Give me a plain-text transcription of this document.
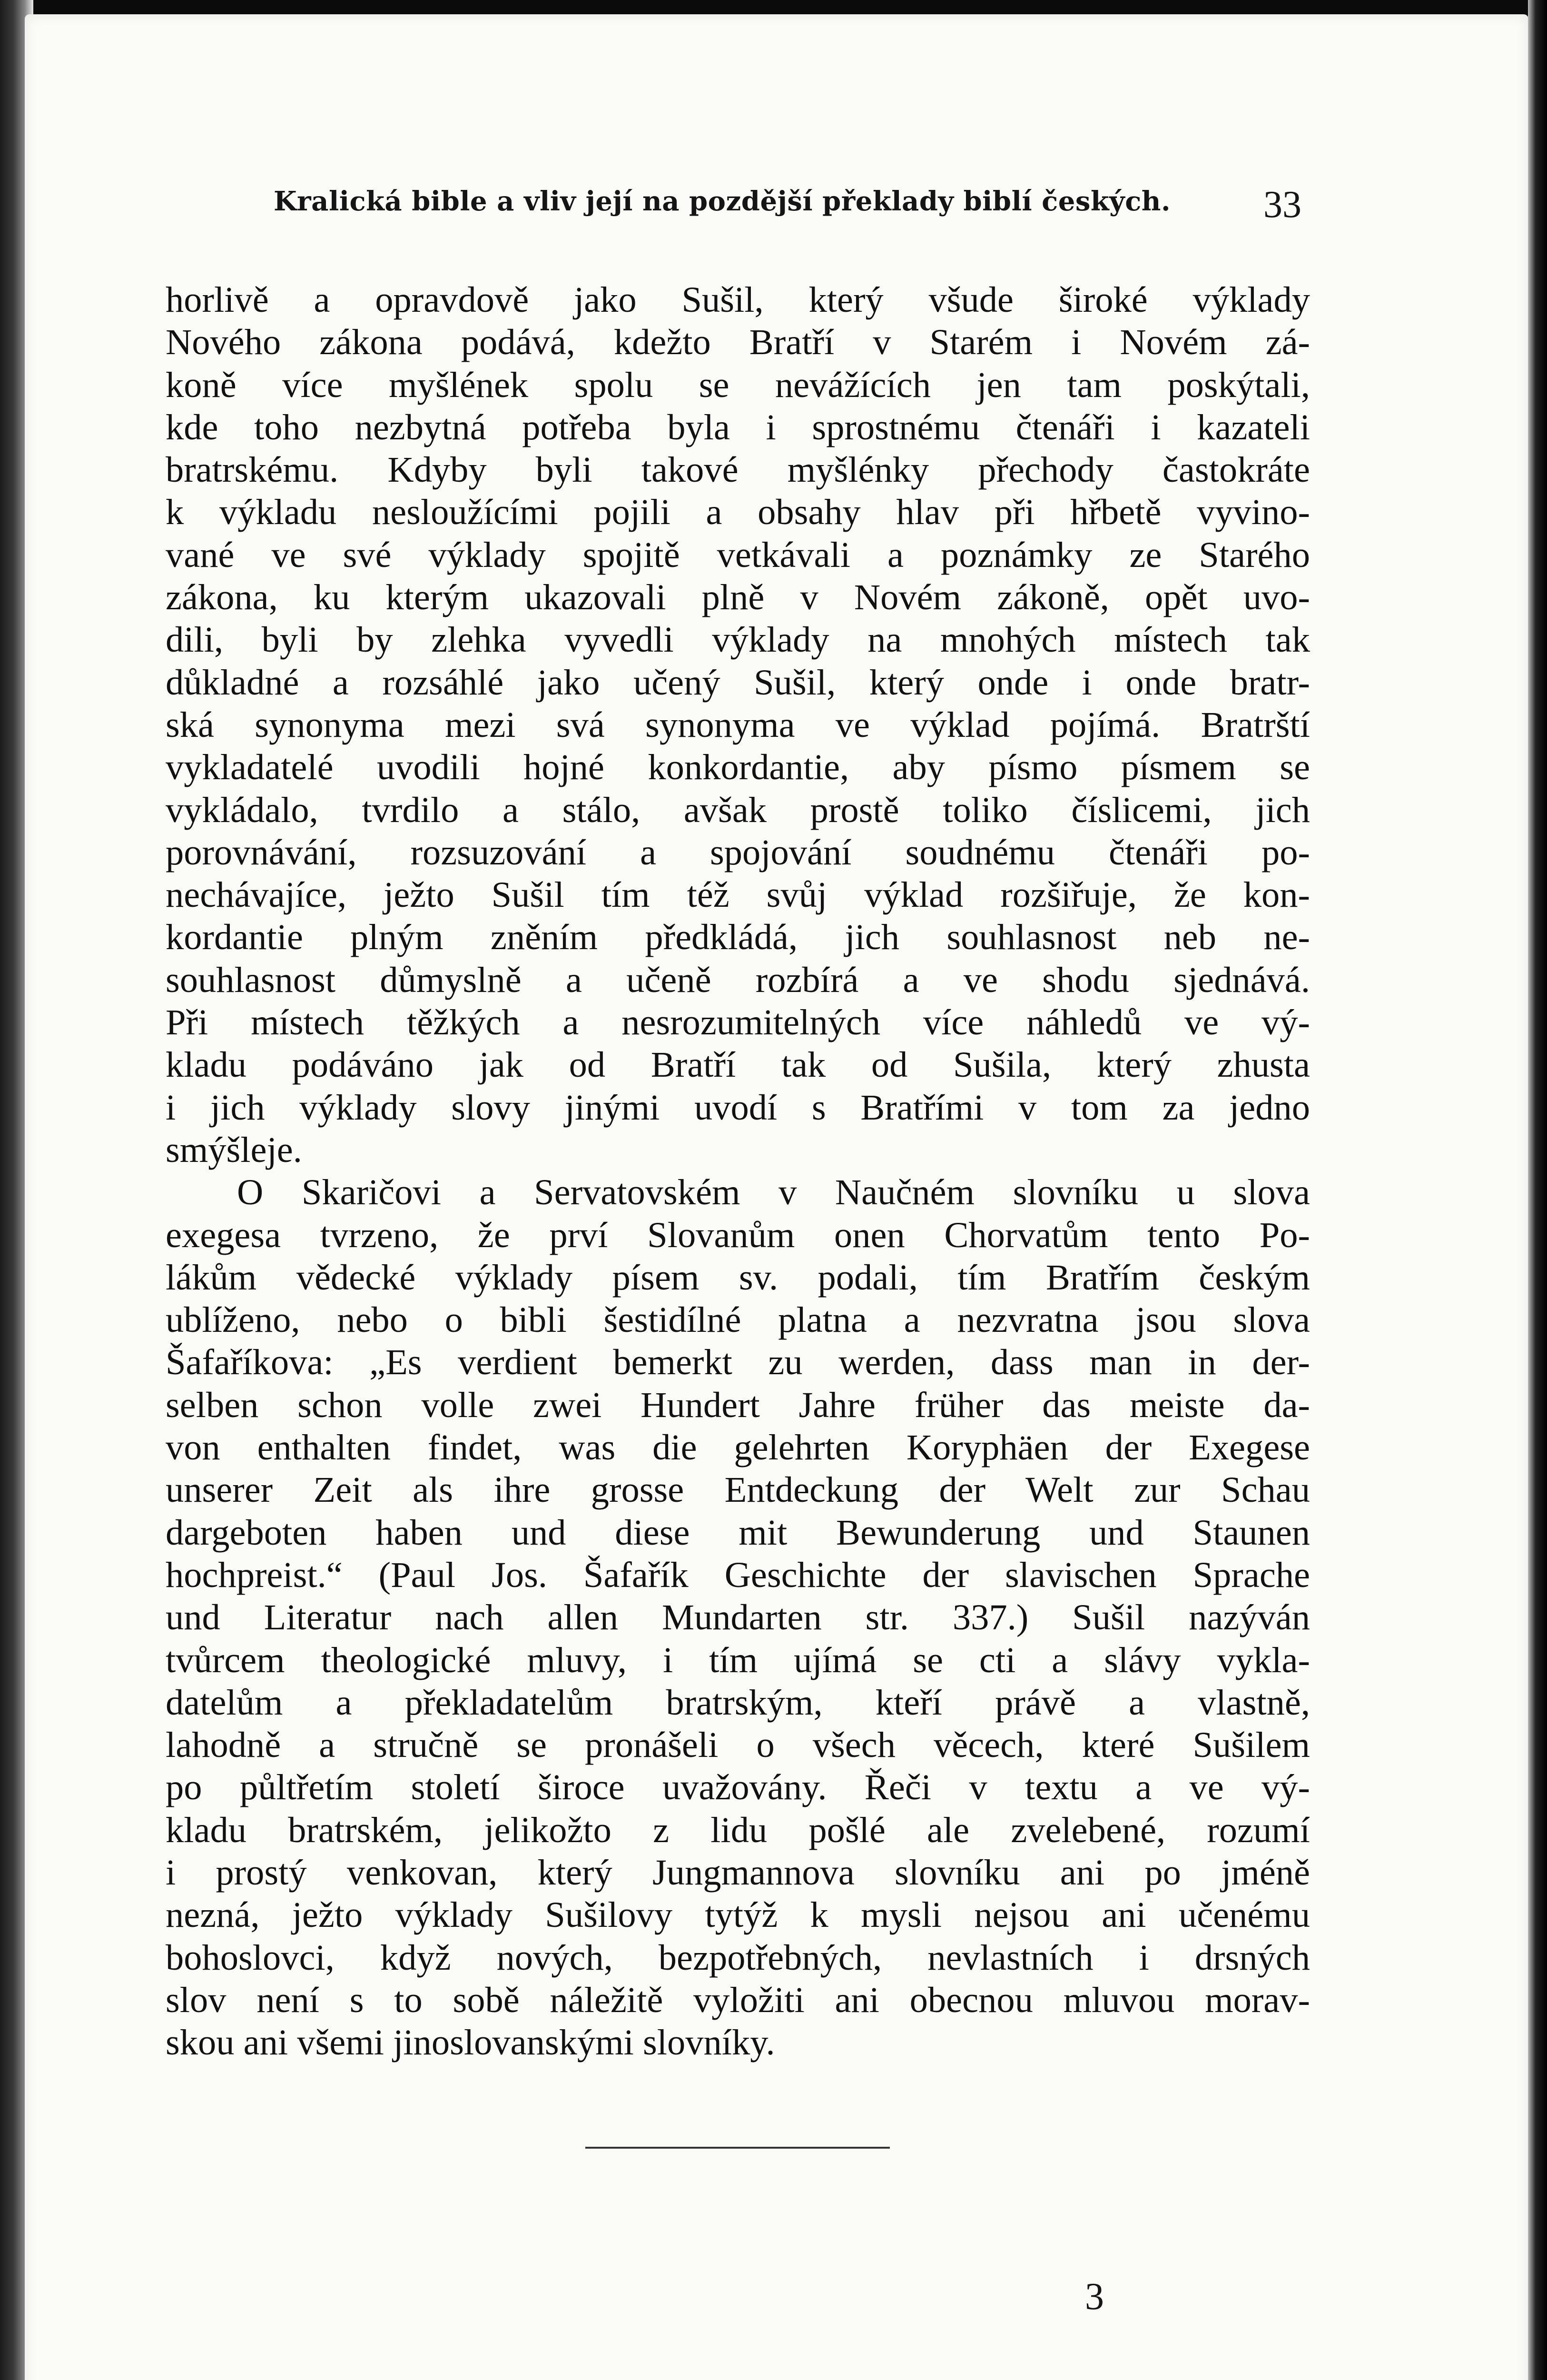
Kralická bible a vliv její na pozdější překlady biblí českých.	33
horlivě a opravdově jako Sušil, který všude široké výklady
Nového zákona podává, kdežto Bratří v Starém i Novém zá-
koně více myšlének spolu se nevážících jen tam poskýtali,
kde toho nezbytná potřeba byla i sprostnému čtenáři i kazateli
bratrskému. Kdyby byli takové myšlénky přechody častokráte
k výkladu nesloužícími pojili a obsahy hlav při hřbetě vyvino-
vané ve své výklady spojitě vetkávali a poznámky ze Starého
zákona, ku kterým ukazovali plně v Novém zákoně, opět uvo-
dili, byli by zlehka vyvedli výklady na mnohých místech tak
důkladné a rozsáhlé jako učený Sušil, který onde i onde bratr-
ská synonyma mezi svá synonyma ve výklad pojímá. Bratrští
vykladatelé uvodili hojné konkordantie, aby písmo písmem se
vykládalo, tvrdilo a stálo, avšak prostě toliko číslicemi, jich
porovnávání, rozsuzování a spojování soudnému čtenáři po-
nechávajíce, ježto Sušil tím též svůj výklad rozšiřuje, že kon-
kordantie plným zněním předkládá, jich souhlasnost neb ne-
souhlasnost důmyslně a učeně rozbírá a ve shodu sjednává.
Při místech těžkých a nesrozumitelných více náhledů ve vý-
kladu podáváno jak od Bratří tak od Sušila, který zhusta
i jich výklady slovy jinými uvodí s Bratřími v tom za jedno
smýšleje.
O Skaričovi a Servatovském v Naučném slovníku u slova
exegesa tvrzeno, že prví Slovanům onen Chorvatům tento Po-
lákům vědecké výklady písem sv. podali, tím Bratřím českým
ublíženo, nebo o bibli šestidílné platna a nezvratna jsou slova
Šafaříkova: „Es verdient bemerkt zu werden, dass man in der-
selben schon volle zwei Hundert Jahre früher das meiste da-
von enthalten findet, was die gelehrten Koryphäen der Exegese
unserer Zeit als ihre grosse Entdeckung der Welt zur Schau
dargeboten haben und diese mit Bewunderung und Staunen
hochpreist.“ (Paul Jos. Šafařík Geschichte der slavischen Sprache
und Literatur nach allen Mundarten str. 337.) Sušil nazýván
tvůrcem theologické mluvy, i tím ujímá se cti a slávy vykla-
datelům a překladatelům bratrským, kteří právě a vlastně,
lahodně a stručně se pronášeli o všech věcech, které Sušilem
po půltřetím století široce uvažovány. Řeči v textu a ve vý-
kladu bratrském, jelikožto z lidu pošlé ale zvelebené, rozumí
i prostý venkovan, který Jungmannova slovníku ani po jméně
nezná, ježto výklady Sušilovy tytýž k mysli nejsou ani učenému
bohoslovci, když nových, bezpotřebných, nevlastních i drsných
slov není s to sobě náležitě vyložiti ani obecnou mluvou morav-
skou ani všemi jinoslovanskými slovníky.
3
